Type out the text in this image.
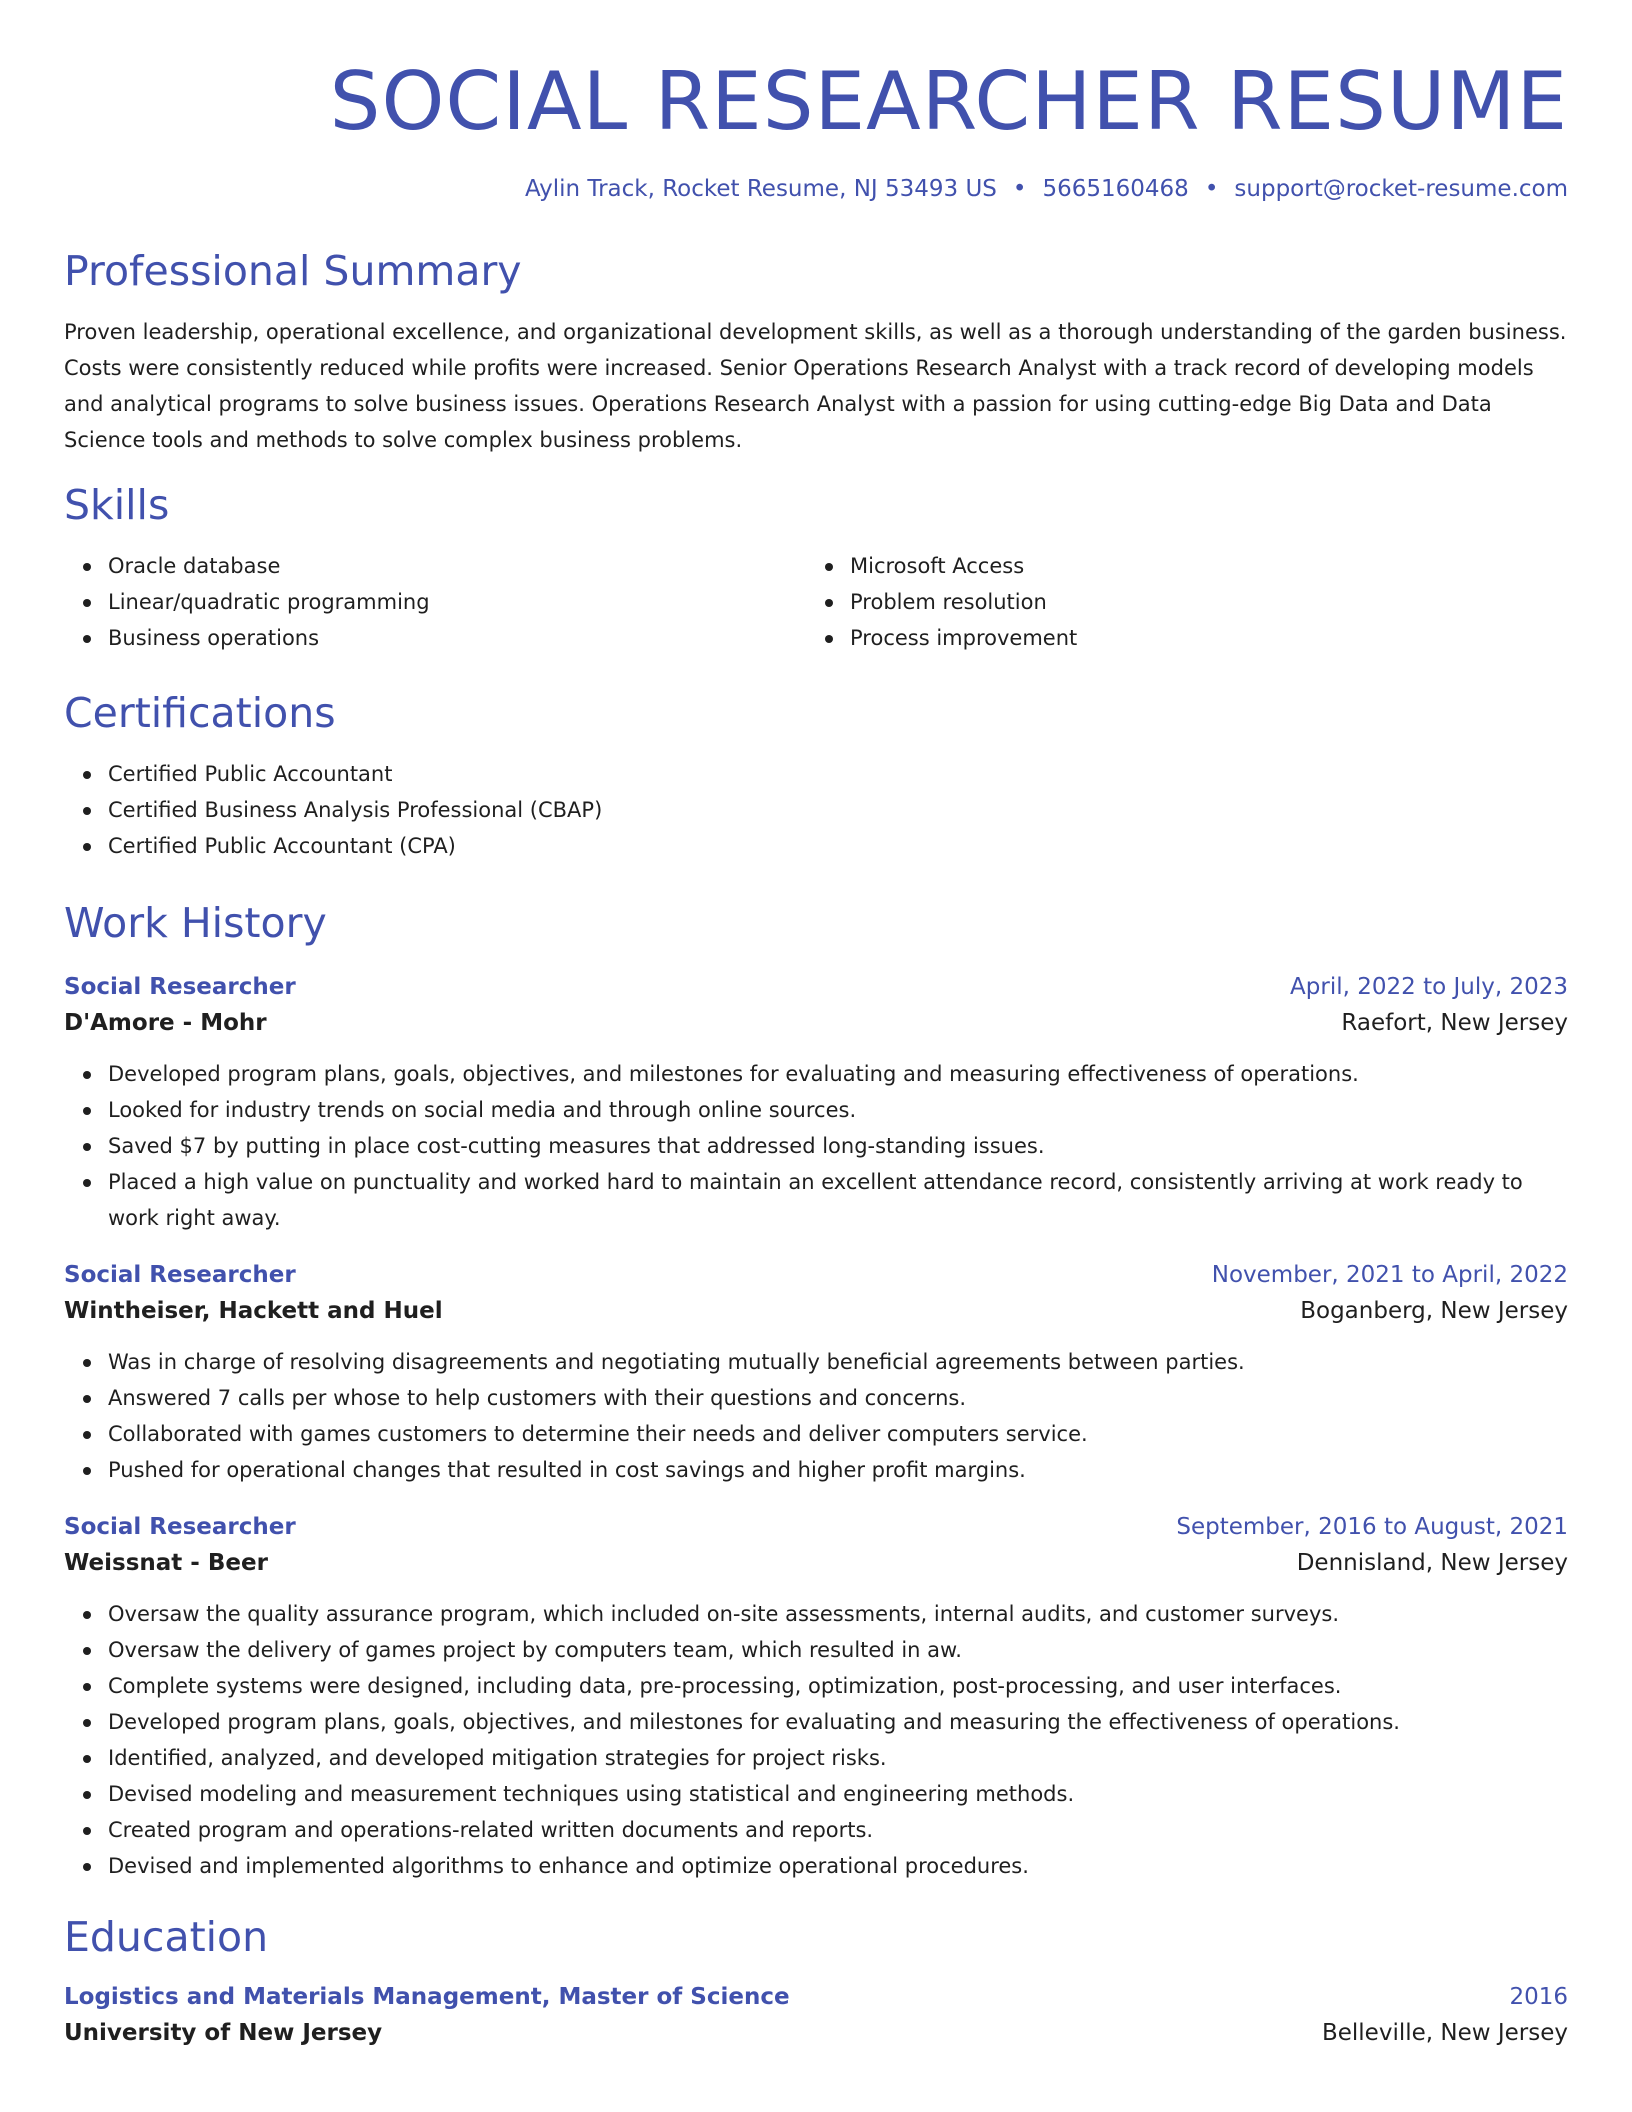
SOCIAL RESEARCHER RESUME
Aylin Track, Rocket Resume, NJ 53493 US • 5665160468 • support@rocket-resume.com
Professional Summary
Proven leadership, operational excellence, and organizational development skills, as well as a thorough understanding of the garden business. Costs were consistently reduced while profits were increased. Senior Operations Research Analyst with a track record of developing models and analytical programs to solve business issues. Operations Research Analyst with a passion for using cutting-edge Big Data and Data Science tools and methods to solve complex business problems.
Skills
Oracle database
Linear/quadratic programming
Business operations
Microsoft Access
Problem resolution
Process improvement
Certifications
Certified Public Accountant
Certified Business Analysis Professional (CBAP)
Certified Public Accountant (CPA)
Work History
Social Researcher	April, 2022 to July, 2023
D'Amore - Mohr	Raefort, New Jersey
Developed program plans, goals, objectives, and milestones for evaluating and measuring effectiveness of operations.
Looked for industry trends on social media and through online sources.
Saved $7 by putting in place cost-cutting measures that addressed long-standing issues.
Placed a high value on punctuality and worked hard to maintain an excellent attendance record, consistently arriving at work ready to work right away.
Social Researcher	November, 2021 to April, 2022
Wintheiser, Hackett and Huel	Boganberg, New Jersey
Was in charge of resolving disagreements and negotiating mutually beneficial agreements between parties.
Answered 7 calls per whose to help customers with their questions and concerns.
Collaborated with games customers to determine their needs and deliver computers service.
Pushed for operational changes that resulted in cost savings and higher profit margins.
Social Researcher	September, 2016 to August, 2021
Weissnat - Beer	Dennisland, New Jersey
Oversaw the quality assurance program, which included on-site assessments, internal audits, and customer surveys.
Oversaw the delivery of games project by computers team, which resulted in aw.
Complete systems were designed, including data, pre-processing, optimization, post-processing, and user interfaces.
Developed program plans, goals, objectives, and milestones for evaluating and measuring the effectiveness of operations.
Identified, analyzed, and developed mitigation strategies for project risks.
Devised modeling and measurement techniques using statistical and engineering methods.
Created program and operations-related written documents and reports.
Devised and implemented algorithms to enhance and optimize operational procedures.
Education
Logistics and Materials Management, Master of Science	2016
University of New Jersey	Belleville, New Jersey
